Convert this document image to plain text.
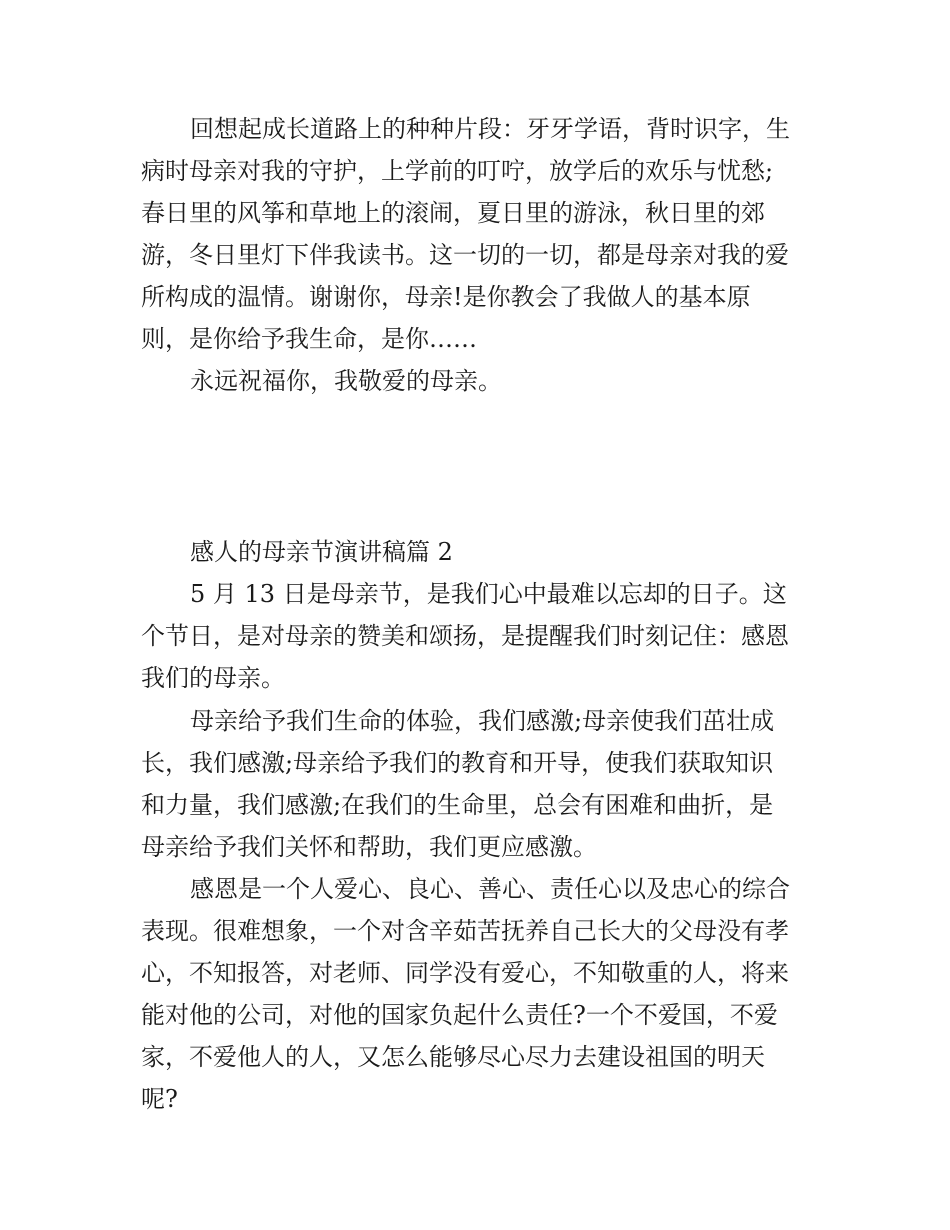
回想起成长道路上的种种片段：牙牙学语，背时识字，生
病时母亲对我的守护，上学前的叮咛，放学后的欢乐与忧愁;
春日里的风筝和草地上的滚闹，夏日里的游泳，秋日里的郊
游，冬日里灯下伴我读书。这一切的一切，都是母亲对我的爱
所构成的温情。谢谢你，母亲!是你教会了我做人的基本原
则，是你给予我生命，是你……
永远祝福你，我敬爱的母亲。
感人的母亲节演讲稿篇 2
5 月 13 日是母亲节，是我们心中最难以忘却的日子。这
个节日，是对母亲的赞美和颂扬，是提醒我们时刻记住：感恩
我们的母亲。
母亲给予我们生命的体验，我们感激;母亲使我们茁壮成
长，我们感激;母亲给予我们的教育和开导，使我们获取知识
和力量，我们感激;在我们的生命里，总会有困难和曲折，是
母亲给予我们关怀和帮助，我们更应感激。
感恩是一个人爱心、良心、善心、责任心以及忠心的综合
表现。很难想象，一个对含辛茹苦抚养自己长大的父母没有孝
心，不知报答，对老师、同学没有爱心，不知敬重的人，将来
能对他的公司，对他的国家负起什么责任?一个不爱国，不爱
家，不爱他人的人，又怎么能够尽心尽力去建设祖国的明天
呢?
